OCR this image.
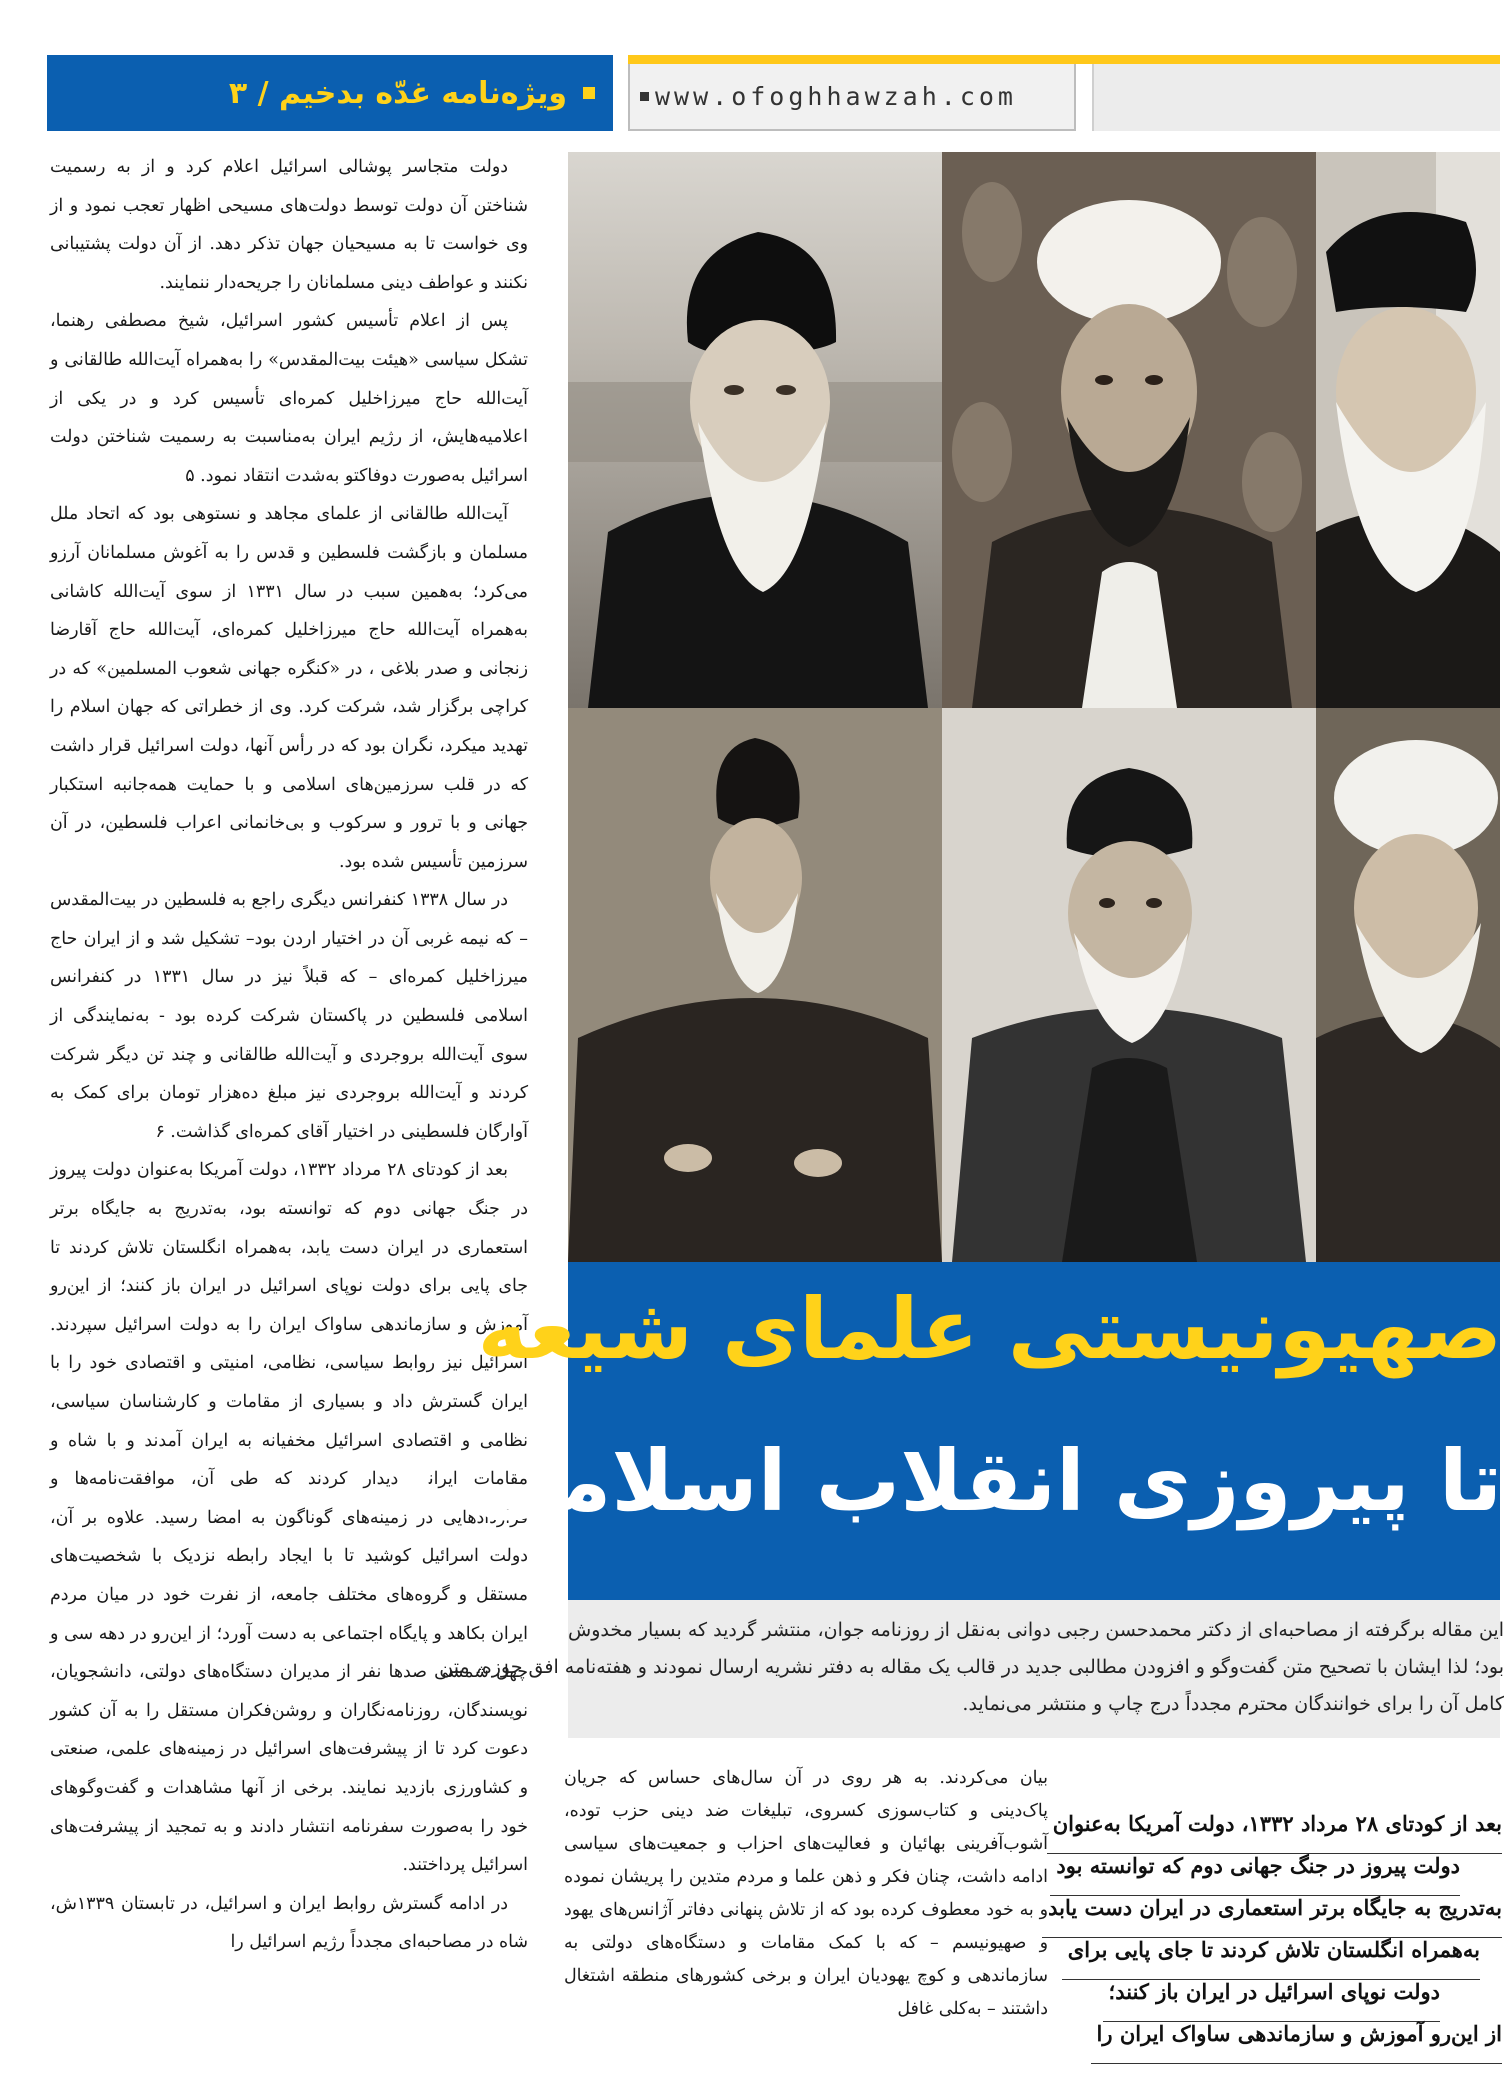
ویژه‌نامه غدّه بدخیم / ۳	www.ofoghhawzah.com

دولت متجاسر پوشالی اسرائیل اعلام کرد و از به رسمیت شناختن آن دولت توسط دولت‌های مسیحی اظهار تعجب نمود و از وی خواست تا به مسیحیان جهان تذکر دهد. از آن دولت پشتیبانی نکنند و عواطف دینی مسلمانان را جریحه‌دار ننمایند.

پس از اعلام تأسیس کشور اسرائیل، شیخ مصطفی رهنما، تشکل سیاسی «هیئت بیت‌المقدس» را به‌همراه آیت‌الله طالقانی و آیت‌الله حاج میرزاخلیل کمره‌ای تأسیس کرد و در یکی از اعلامیه‌هایش، از رژیم ایران به‌مناسبت به رسمیت شناختن دولت اسرائیل به‌صورت دوفاکتو به‌شدت انتقاد نمود. ۵

آیت‌الله طالقانی از علمای مجاهد و نستوهی بود که اتحاد ملل مسلمان و بازگشت فلسطین و قدس را به آغوش مسلمانان آرزو می‌کرد؛ به‌همین سبب در سال ۱۳۳۱ از سوی آیت‌الله کاشانی به‌همراه آیت‌الله حاج میرزاخلیل کمره‌ای، آیت‌الله حاج آقارضا زنجانی و صدر بلاغی ، در «کنگره جهانی شعوب المسلمین» که در کراچی برگزار شد، شرکت کرد. وی از خطراتی که جهان اسلام را تهدید میکرد، نگران بود که در رأس آنها، دولت اسرائیل قرار داشت که در قلب سرزمین‌های اسلامی و با حمایت همه‌جانبه استکبار جهانی و با ترور و سرکوب و بی‌خانمانی اعراب فلسطین، در آن سرزمین تأسیس شده بود.

در سال ۱۳۳۸ کنفرانس دیگری راجع به فلسطین در بیت‌المقدس – که نیمه غربی آن در اختیار اردن بود– تشکیل شد و از ایران حاج میرزاخلیل کمره‌ای – که قبلاً نیز در سال ۱۳۳۱ در کنفرانس اسلامی فلسطین در پاکستان شرکت کرده بود - به‌نمایندگی از سوی آیت‌الله بروجردی و آیت‌الله طالقانی و چند تن دیگر شرکت کردند و آیت‌الله بروجردی نیز مبلغ ده‌هزار تومان برای کمک به آوارگان فلسطینی در اختیار آقای کمره‌ای گذاشت. ۶

بعد از کودتای ۲۸ مرداد ۱۳۳۲، دولت آمریکا به‌عنوان دولت پیروز در جنگ جهانی دوم که توانسته بود، به‌تدریج به جایگاه برتر استعماری در ایران دست یابد، به‌همراه انگلستان تلاش کردند تا جای پایی برای دولت نوپای اسرائیل در ایران باز کنند؛ از این‌رو آموزش و سازماندهی ساواک ایران را به دولت اسرائیل سپردند. اسرائیل نیز روابط سیاسی، نظامی، امنیتی و اقتصادی خود را با ایران گسترش داد و بسیاری از مقامات و کارشناسان سیاسی، نظامی و اقتصادی اسرائیل مخفیانه به ایران آمدند و با شاه و مقامات ایرانی دیدار کردند که طی آن، موافقت‌نامه‌ها و قراردادهایی در زمینه‌های گوناگون به امضا رسید. علاوه بر آن، دولت اسرائیل کوشید تا با ایجاد رابطه نزدیک با شخصیت‌های مستقل و گروه‌های مختلف جامعه، از نفرت خود در میان مردم ایران بکاهد و پایگاه اجتماعی به دست آورد؛ از این‌رو در دهه سی و چهل شمسی صدها نفر از مدیران دستگاه‌های دولتی، دانشجویان، نویسندگان، روزنامه‌نگاران و روشن‌فکران مستقل را به آن کشور دعوت کرد تا از پیشرفت‌های اسرائیل در زمینه‌های علمی، صنعتی و کشاورزی بازدید نمایند. برخی از آنها مشاهدات و گفت‌وگوهای خود را به‌صورت سفرنامه انتشار دادند و به تمجید از پیشرفت‌های اسرائیل پرداختند.

در ادامه گسترش روابط ایران و اسرائیل، در تابستان ۱۳۳۹ش، شاه در مصاحبه‌ای مجدداً رژیم اسرائیل را

صهیونیستی علمای شیعه
تا پیروزی انقلاب اسلامی ۱

این مقاله برگرفته از مصاحبه‌ای از دکتر محمدحسن رجبی دوانی به‌نقل از روزنامه جوان، منتشر گردید که بسیار مخدوش
بود؛ لذا ایشان با تصحیح متن گفت‌وگو و افزودن مطالبی جدید در قالب یک مقاله به دفتر نشریه ارسال نمودند و هفته‌نامه افق حوزه، متن
کامل آن را برای خوانندگان محترم مجدداً درج چاپ و منتشر می‌نماید.

بیان می‌کردند. به هر روی در آن سال‌های حساس که جریان پاک‌دینی و کتاب‌سوزی کسروی، تبلیغات ضد دینی حزب توده، آشوب‌آفرینی بهائیان و فعالیت‌های احزاب و جمعیت‌های سیاسی ادامه داشت، چنان فکر و ذهن علما و مردم متدین را پریشان نموده و به خود معطوف کرده بود که از تلاش پنهانی دفاتر آژانس‌های یهود و صهیونیسم – که با کمک مقامات و دستگاه‌های دولتی به سازماندهی و کوچ یهودیان ایران و برخی کشورهای منطقه اشتغال داشتند – به‌کلی غافل

بعد از کودتای ۲۸ مرداد ۱۳۳۲، دولت آمریکا به‌عنوان
دولت پیروز در جنگ جهانی دوم که توانسته بود
به‌تدریج به جایگاه برتر استعماری در ایران دست یابد
به‌همراه انگلستان تلاش کردند تا جای پایی برای
دولت نوپای اسرائیل در ایران باز کنند؛
از این‌رو آموزش و سازماندهی ساواک ایران را
